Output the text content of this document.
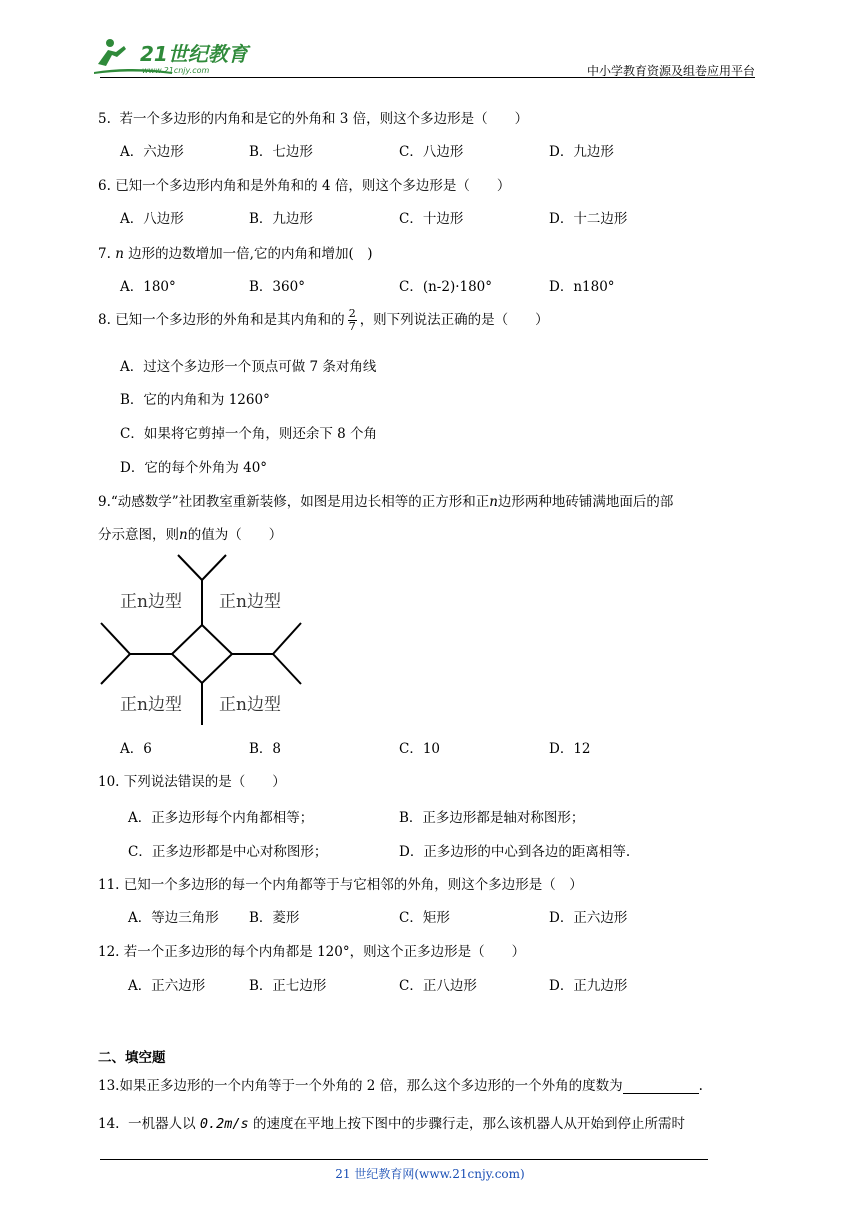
21世纪教育
www.21cnjy.com	中小学教育资源及组卷应用平台
5. 若一个多边形的内角和是它的外角和 3 倍，则这个多边形是（　　）
A．六边形	B．七边形	C．八边形	D．九边形
6. 已知一个多边形内角和是外角和的 4 倍，则这个多边形是（　　）
A．八边形	B．九边形	C．十边形	D．十二边形
7. n 边形的边数增加一倍,它的内角和增加(　)
A．180°	B．360°	C．(n-2)·180°	D．n180°
8. 已知一个多边形的外角和是其内角和的 $\frac{2}{7}$ ，则下列说法正确的是（　　）
A．过这个多边形一个顶点可做 7 条对角线
B．它的内角和为 1260°
C．如果将它剪掉一个角，则还余下 8 个角
D．它的每个外角为 40°
9.“动感数学”社团教室重新装修，如图是用边长相等的正方形和正n边形两种地砖铺满地面后的部
分示意图，则n的值为（　　）
正n边型 正n边型
正n边型 正n边型
A．6	B．8	C．10	D．12
10. 下列说法错误的是（　　）
A．正多边形每个内角都相等；	B．正多边形都是轴对称图形；
C．正多边形都是中心对称图形；	D．正多边形的中心到各边的距离相等.
11. 已知一个多边形的每一个内角都等于与它相邻的外角，则这个多边形是（　）
A．等边三角形 B．菱形	C．矩形	D．正六边形
12. 若一个正多边形的每个内角都是 120°，则这个正多边形是（　　）
A．正六边形	B．正七边形	C．正八边形	D．正九边形
二、填空题
13.如果正多边形的一个内角等于一个外角的 2 倍，那么这个多边形的一个外角的度数为	.
14. 一机器人以 0.2m/s 的速度在平地上按下图中的步骤行走，那么该机器人从开始到停止所需时
21 世纪教育网(www.21cnjy.com)
